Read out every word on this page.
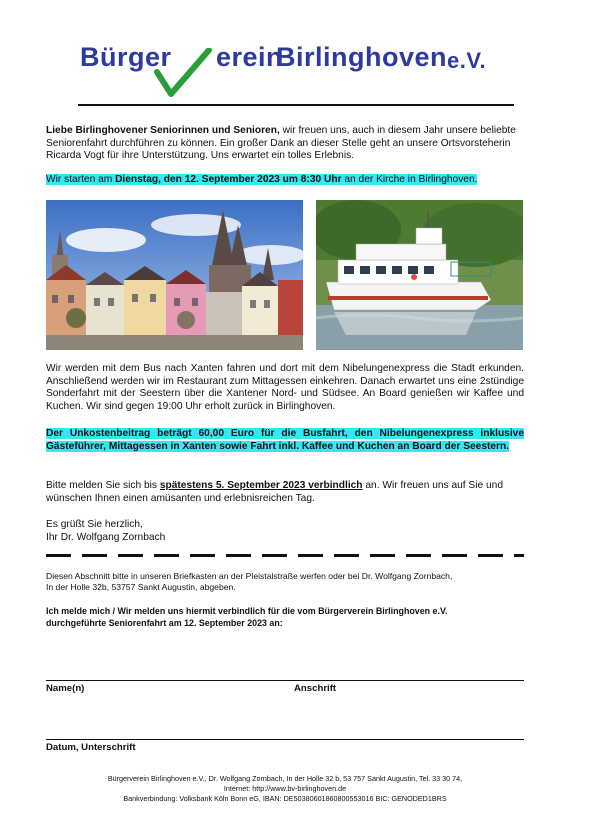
Bürger erein
Birlinghoven e.V.

Liebe Birlinghovener Seniorinnen und Senioren, wir freuen uns, auch in diesem Jahr unsere beliebte Seniorenfahrt durchführen zu können. Ein großer Dank an dieser Stelle geht an unsere Ortsvorsteherin Ricarda Vogt für ihre Unterstützung. Uns erwartet ein tolles Erlebnis.

Wir starten am Dienstag, den 12. September 2023 um 8:30 Uhr an der Kirche in Birlinghoven.

Wir werden mit dem Bus nach Xanten fahren und dort mit dem Nibelungenexpress die Stadt erkunden. Anschließend werden wir im Restaurant zum Mittagessen einkehren. Danach erwartet uns eine 2stündige Sonderfahrt mit der Seestern über die Xantener Nord- und Südsee. An Board genießen wir Kaffee und Kuchen. Wir sind gegen 19:00 Uhr erholt zurück in Birlinghoven.

Der Unkostenbeitrag beträgt 60,00 Euro für die Busfahrt, den Nibelungenexpress inklusive Gästeführer, Mittagessen in Xanten sowie Fahrt inkl. Kaffee und Kuchen an Board der Seestern.

Bitte melden Sie sich bis spätestens 5. September 2023 verbindlich an. Wir freuen uns auf Sie und wünschen Ihnen einen amüsanten und erlebnisreichen Tag.

Es grüßt Sie herzlich,
Ihr Dr. Wolfgang Zornbach
Diesen Abschnitt bitte in unseren Briefkasten an der Pleistalstraße werfen oder bei Dr. Wolfgang Zornbach,
In der Holle 32b, 53757 Sankt Augustin, abgeben.
Ich melde mich / Wir melden uns hiermit verbindlich für die vom Bürgerverein Birlinghoven e.V.
durchgeführte Seniorenfahrt am 12. September 2023 an:
Name(n)	Anschrift
Datum, Unterschrift
Bürgerverein Birlinghoven e.V., Dr. Wolfgang Zornbach, In der Holle 32 b, 53 757 Sankt Augustin, Tel. 33 30 74,
Internet: http://www.bv-birlinghoven.de
Bankverbindung: Volksbank Köln Bonn eG, IBAN: DE50380601860800553016 BIC: GENODED1BRS
